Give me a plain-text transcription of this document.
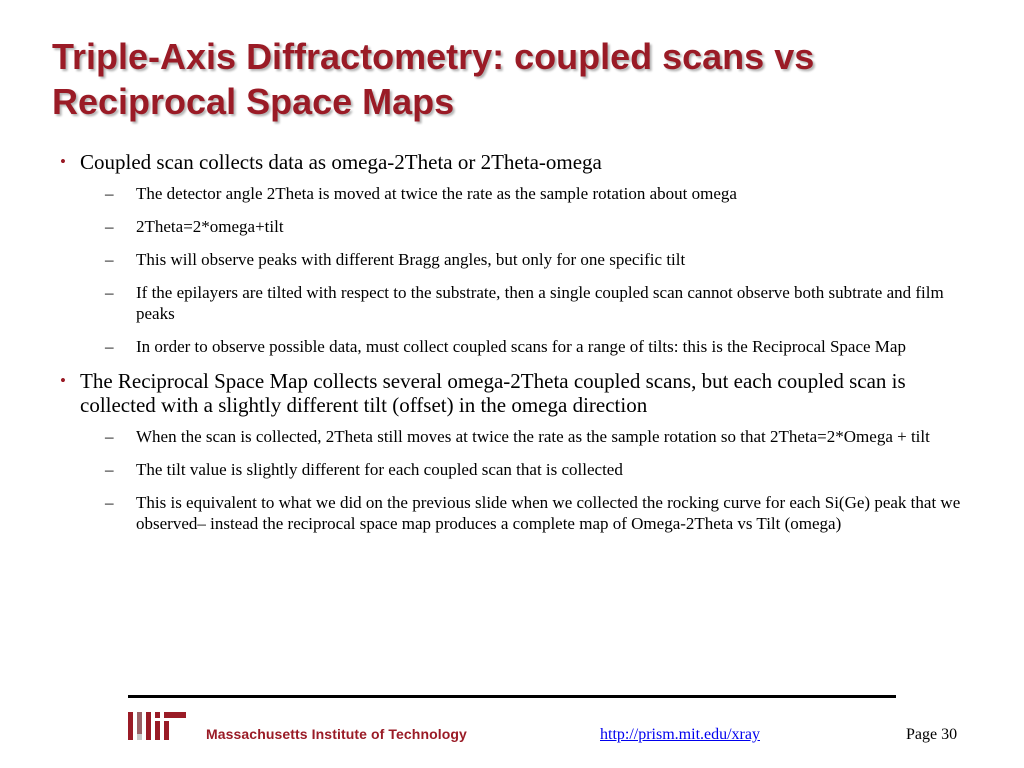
Triple-Axis Diffractometry: coupled scans vs Reciprocal Space Maps
• Coupled scan collects data as omega-2Theta or 2Theta-omega
– The detector angle 2Theta is moved at twice the rate as the sample rotation about omega
– 2Theta=2*omega+tilt
– This will observe peaks with different Bragg angles, but only for one specific tilt
– If the epilayers are tilted with respect to the substrate, then a single coupled scan cannot observe both subtrate and film peaks
– In order to observe possible data, must collect coupled scans for a range of tilts: this is the Reciprocal Space Map
• The Reciprocal Space Map collects several omega-2Theta coupled scans, but each coupled scan is collected with a slightly different tilt (offset) in the omega direction
– When the scan is collected, 2Theta still moves at twice the rate as the sample rotation so that 2Theta=2*Omega + tilt
– The tilt value is slightly different for each coupled scan that is collected
– This is equivalent to what we did on the previous slide when we collected the rocking curve for each Si(Ge) peak that we observed– instead the reciprocal space map produces a complete map of Omega-2Theta vs Tilt (omega)
Massachusetts Institute of Technology	http://prism.mit.edu/xray	Page 30
